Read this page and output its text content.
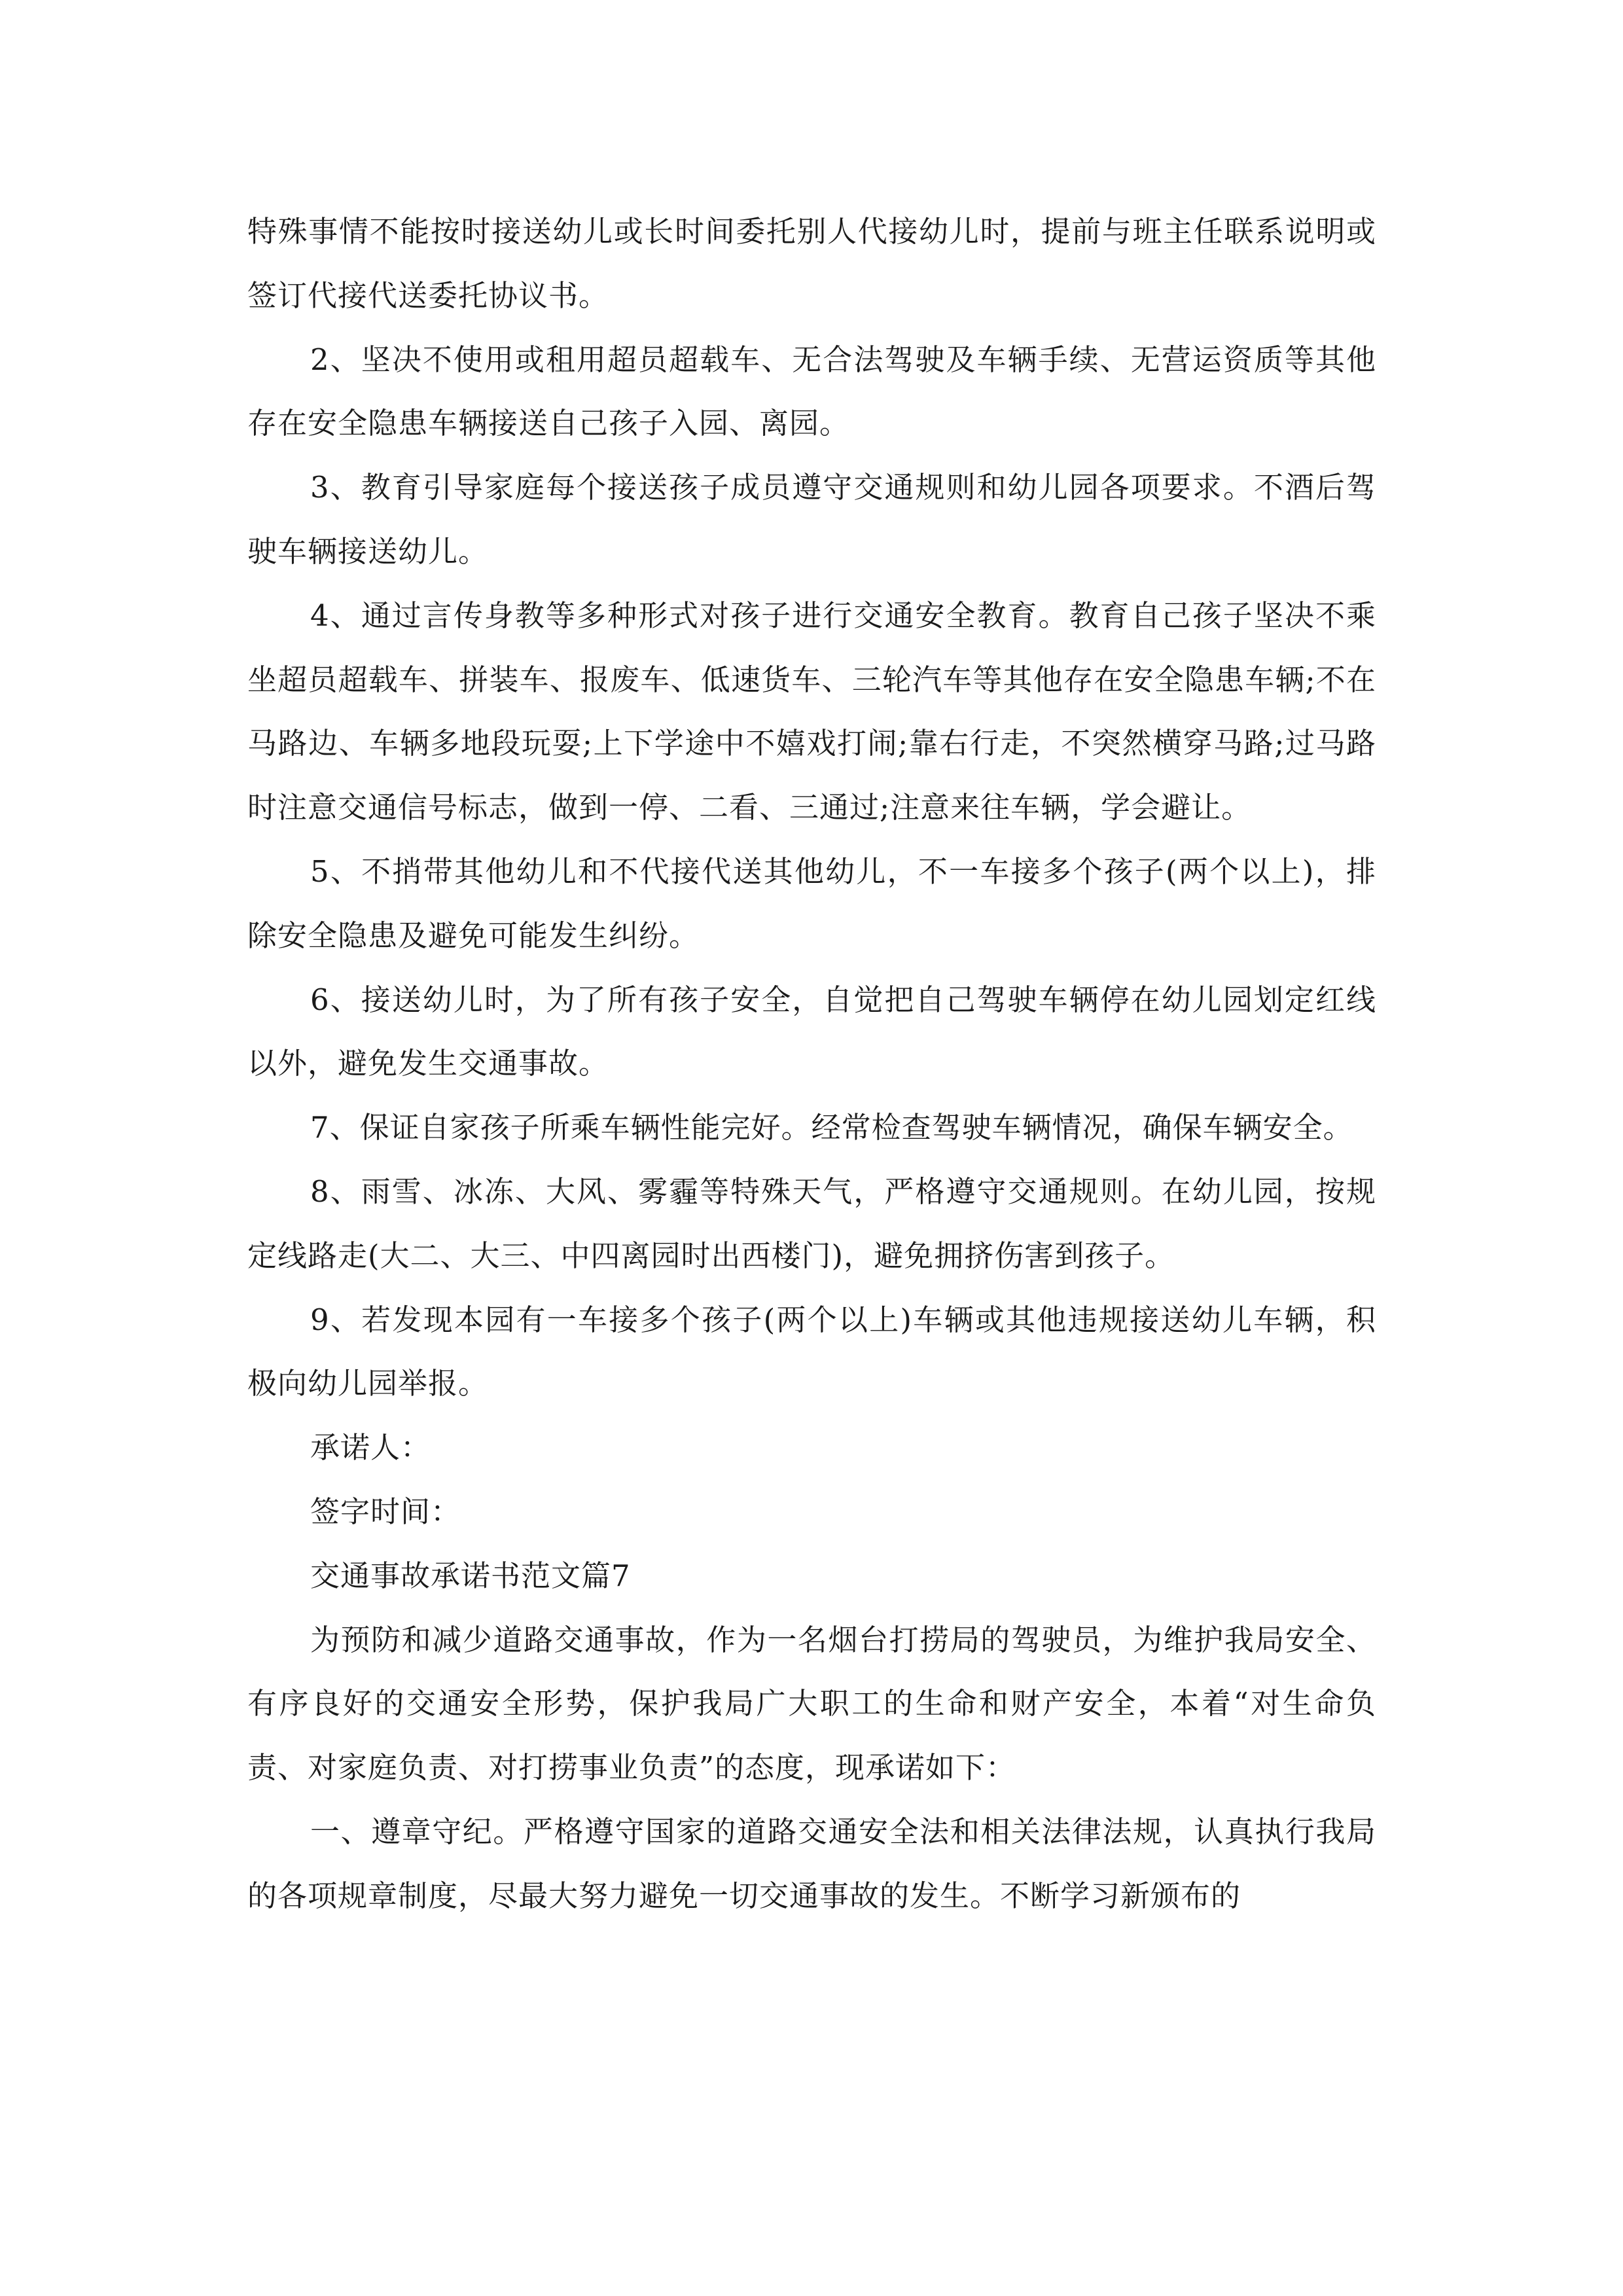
特殊事情不能按时接送幼儿或长时间委托别人代接幼儿时，提前与班主任联系说明或签订代接代送委托协议书。

2、坚决不使用或租用超员超载车、无合法驾驶及车辆手续、无营运资质等其他存在安全隐患车辆接送自己孩子入园、离园。

3、教育引导家庭每个接送孩子成员遵守交通规则和幼儿园各项要求。不酒后驾驶车辆接送幼儿。

4、通过言传身教等多种形式对孩子进行交通安全教育。教育自己孩子坚决不乘坐超员超载车、拼装车、报废车、低速货车、三轮汽车等其他存在安全隐患车辆;不在马路边、车辆多地段玩耍;上下学途中不嬉戏打闹;靠右行走，不突然横穿马路;过马路时注意交通信号标志，做到一停、二看、三通过;注意来往车辆，学会避让。

5、不捎带其他幼儿和不代接代送其他幼儿，不一车接多个孩子(两个以上)，排除安全隐患及避免可能发生纠纷。

6、接送幼儿时，为了所有孩子安全，自觉把自己驾驶车辆停在幼儿园划定红线以外，避免发生交通事故。

7、保证自家孩子所乘车辆性能完好。经常检查驾驶车辆情况，确保车辆安全。

8、雨雪、冰冻、大风、雾霾等特殊天气，严格遵守交通规则。在幼儿园，按规定线路走(大二、大三、中四离园时出西楼门)，避免拥挤伤害到孩子。

9、若发现本园有一车接多个孩子(两个以上)车辆或其他违规接送幼儿车辆，积极向幼儿园举报。

承诺人：

签字时间：

交通事故承诺书范文篇7

为预防和减少道路交通事故，作为一名烟台打捞局的驾驶员，为维护我局安全、有序良好的交通安全形势，保护我局广大职工的生命和财产安全，本着“对生命负责、对家庭负责、对打捞事业负责”的态度，现承诺如下：

一、遵章守纪。严格遵守国家的道路交通安全法和相关法律法规，认真执行我局的各项规章制度，尽最大努力避免一切交通事故的发生。不断学习新颁布的
